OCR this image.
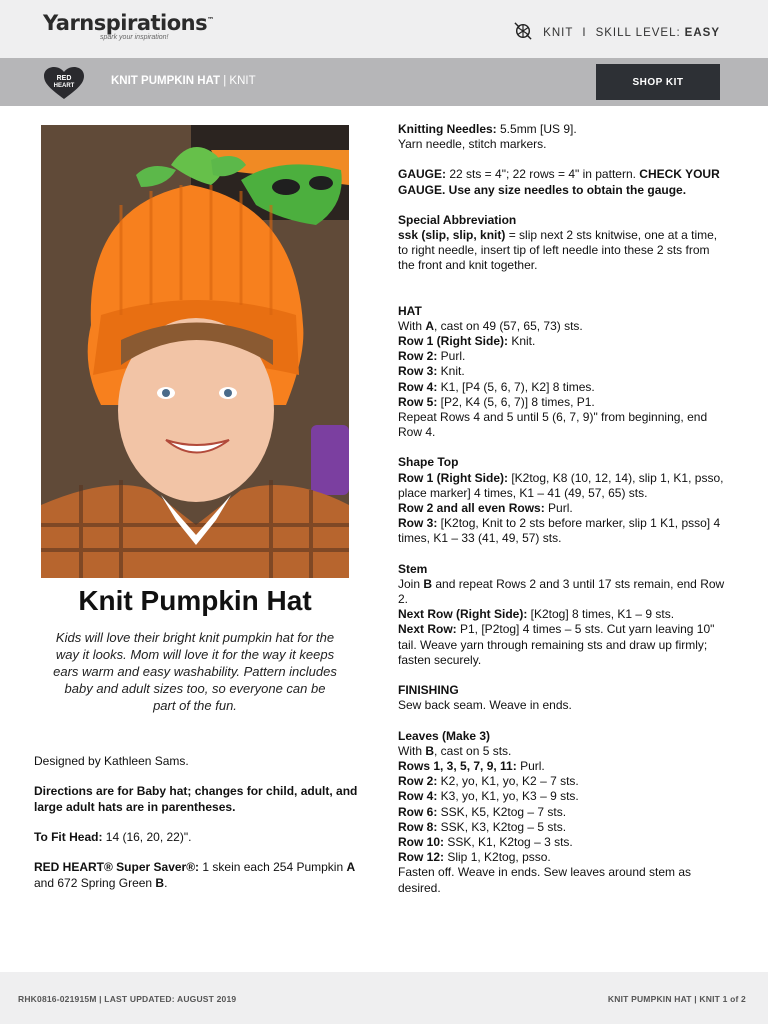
Yarnspirations™
spark your inspiration!	KNIT I SKILL LEVEL: EASY
RED
HEART	KNIT PUMPKIN HAT | KNIT	SHOP KIT
Knit Pumpkin Hat
Kids will love their bright knit pumpkin hat for the way it looks. Mom will love it for the way it keeps ears warm and easy washability. Pattern includes baby and adult sizes too, so everyone can be part of the fun.

Designed by Kathleen Sams.

Directions are for Baby hat; changes for child, adult, and large adult hats are in parentheses.

To Fit Head: 14 (16, 20, 22)".

RED HEART® Super Saver®: 1 skein each 254 Pumpkin A and 672 Spring Green B.

Knitting Needles: 5.5mm [US 9].

Yarn needle, stitch markers.

GAUGE: 22 sts = 4"; 22 rows = 4" in pattern. CHECK YOUR GAUGE. Use any size needles to obtain the gauge.

Special Abbreviation

ssk (slip, slip, knit) = slip next 2 sts knitwise, one at a time, to right needle, insert tip of left needle into these 2 sts from the front and knit together.

HAT

With A, cast on 49 (57, 65, 73) sts.

Row 1 (Right Side): Knit.

Row 2: Purl.

Row 3: Knit.

Row 4: K1, [P4 (5, 6, 7), K2] 8 times.

Row 5: [P2, K4 (5, 6, 7)] 8 times, P1.

Repeat Rows 4 and 5 until 5 (6, 7, 9)" from beginning, end Row 4.

Shape Top

Row 1 (Right Side): [K2tog, K8 (10, 12, 14), slip 1, K1, psso, place marker] 4 times, K1 – 41 (49, 57, 65) sts.

Row 2 and all even Rows: Purl.

Row 3: [K2tog, Knit to 2 sts before marker, slip 1 K1, psso] 4 times, K1 – 33 (41, 49, 57) sts.

Stem

Join B and repeat Rows 2 and 3 until 17 sts remain, end Row 2.

Next Row (Right Side): [K2tog] 8 times, K1 – 9 sts.

Next Row: P1, [P2tog] 4 times – 5 sts. Cut yarn leaving 10" tail. Weave yarn through remaining sts and draw up firmly; fasten securely.

FINISHING

Sew back seam. Weave in ends.

Leaves (Make 3)

With B, cast on 5 sts.

Rows 1, 3, 5, 7, 9, 11: Purl.

Row 2: K2, yo, K1, yo, K2 – 7 sts.

Row 4: K3, yo, K1, yo, K3 – 9 sts.

Row 6: SSK, K5, K2tog – 7 sts.

Row 8: SSK, K3, K2tog – 5 sts.

Row 10: SSK, K1, K2tog – 3 sts.

Row 12: Slip 1, K2tog, psso.

Fasten off. Weave in ends. Sew leaves around stem as desired.

RHK0816-021915M | LAST UPDATED: AUGUST 2019	KNIT PUMPKIN HAT | KNIT 1 of 2
